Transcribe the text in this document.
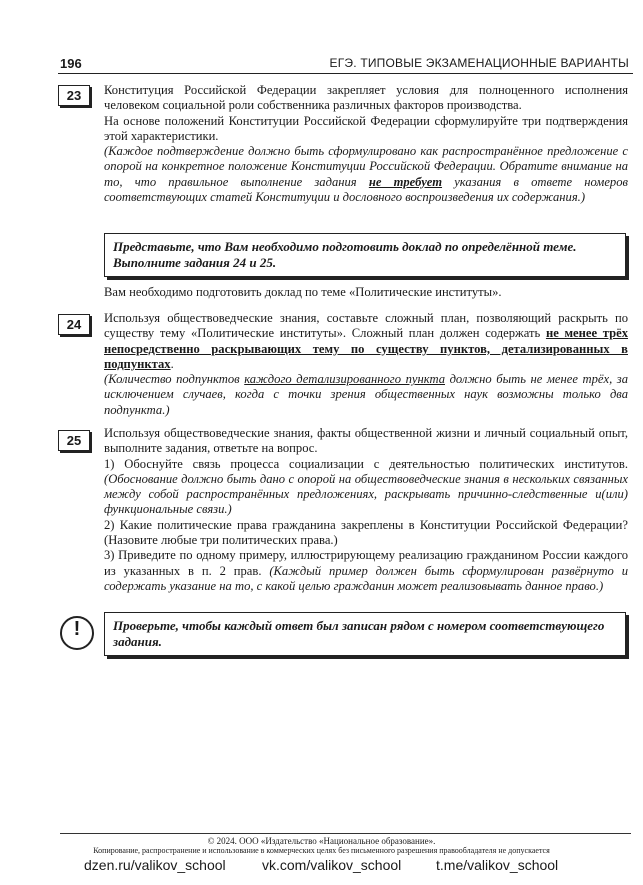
196	ЕГЭ. ТИПОВЫЕ ЭКЗАМЕНАЦИОННЫЕ ВАРИАНТЫ
23	Конституция Российской Федерации закрепляет условия для полноценного исполнения человеком социальной роли собственника различных факторов производства.

На основе положений Конституции Российской Федерации сформулируйте три подтверждения этой характеристики.

(Каждое подтверждение должно быть сформулировано как распространённое предложение с опорой на конкретное положение Конституции Российской Федерации. Обратите внимание на то, что правильное выполнение задания не требует указания в ответе номеров соответствующих статей Конституции и дословного воспроизведения их содержания.)

Представьте, что Вам необходимо подготовить доклад по определённой теме. Выполните задания 24 и 25.
Вам необходимо подготовить доклад по теме «Политические институты».
24	Используя обществоведческие знания, составьте сложный план, позволяющий раскрыть по существу тему «Политические институты». Сложный план должен содержать не менее трёх непосредственно раскрывающих тему по существу пунктов, детализированных в подпунктах.

(Количество подпунктов каждого детализированного пункта должно быть не менее трёх, за исключением случаев, когда с точки зрения общественных наук возможны только два подпункта.)

25	Используя обществоведческие знания, факты общественной жизни и личный социальный опыт, выполните задания, ответьте на вопрос.

1) Обоснуйте связь процесса социализации с деятельностью политических институтов. (Обоснование должно быть дано с опорой на обществоведческие знания в нескольких связанных между собой распространённых предложениях, раскрывать причинно-следственные и(или) функциональные связи.)

2) Какие политические права гражданина закреплены в Конституции Российской Федерации? (Назовите любые три политических права.)

3) Приведите по одному примеру, иллюстрирующему реализацию гражданином России каждого из указанных в п. 2 прав. (Каждый пример должен быть сформулирован развёрнуто и содержать указание на то, с какой целью гражданин может реализовывать данное право.)

!	Проверьте, чтобы каждый ответ был записан рядом с номером соответствующего задания.
© 2024. ООО «Издательство «Национальное образование».
Копирование, распространение и использование в коммерческих целях без письменного разрешения правообладателя не допускается
dzen.ru/valikov_school	vk.com/valikov_school t.me/valikov_school
